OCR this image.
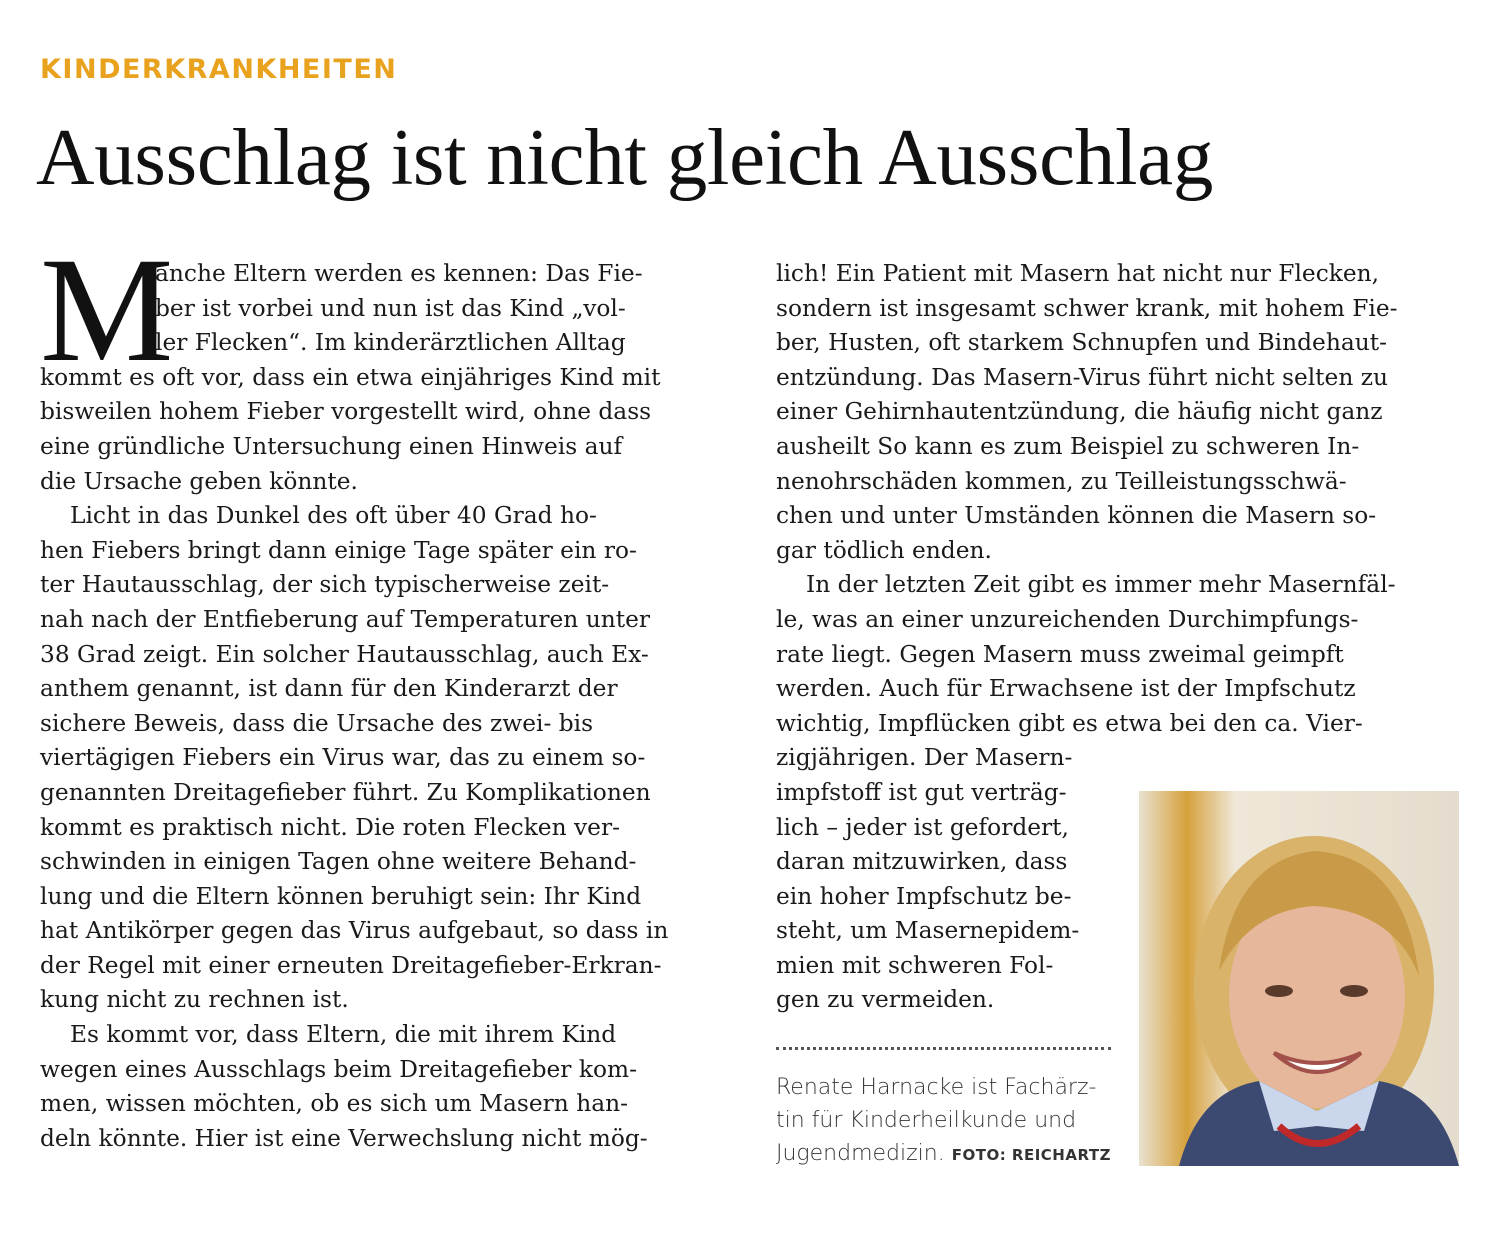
KINDERKRANKHEITEN
Ausschlag ist nicht gleich Ausschlag
M
anche Eltern werden es kennen: Das Fie-
ber ist vorbei und nun ist das Kind „vol-
ler Flecken“. Im kinderärztlichen Alltag
kommt es oft vor, dass ein etwa einjähriges Kind mit
bisweilen hohem Fieber vorgestellt wird, ohne dass
eine gründliche Untersuchung einen Hinweis auf
die Ursache geben könnte.
Licht in das Dunkel des oft über 40 Grad ho-
hen Fiebers bringt dann einige Tage später ein ro-
ter Hautausschlag, der sich typischerweise zeit-
nah nach der Entfieberung auf Temperaturen unter
38 Grad zeigt. Ein solcher Hautausschlag, auch Ex-
anthem genannt, ist dann für den Kinderarzt der
sichere Beweis, dass die Ursache des zwei- bis
viertägigen Fiebers ein Virus war, das zu einem so-
genannten Dreitagefieber führt. Zu Komplikationen
kommt es praktisch nicht. Die roten Flecken ver-
schwinden in einigen Tagen ohne weitere Behand-
lung und die Eltern können beruhigt sein: Ihr Kind
hat Antikörper gegen das Virus aufgebaut, so dass in
der Regel mit einer erneuten Dreitagefieber-Erkran-
kung nicht zu rechnen ist.
Es kommt vor, dass Eltern, die mit ihrem Kind
wegen eines Ausschlags beim Dreitagefieber kom-
men, wissen möchten, ob es sich um Masern han-
deln könnte. Hier ist eine Verwechslung nicht mög-
lich! Ein Patient mit Masern hat nicht nur Flecken,
sondern ist insgesamt schwer krank, mit hohem Fie-
ber, Husten, oft starkem Schnupfen und Bindehaut-
entzündung. Das Masern-Virus führt nicht selten zu
einer Gehirnhautentzündung, die häufig nicht ganz
ausheilt So kann es zum Beispiel zu schweren In-
nenohrschäden kommen, zu Teilleistungsschwä-
chen und unter Umständen können die Masern so-
gar tödlich enden.
In der letzten Zeit gibt es immer mehr Masernfäl-
le, was an einer unzureichenden Durchimpfungs-
rate liegt. Gegen Masern muss zweimal geimpft
werden. Auch für Erwachsene ist der Impfschutz
wichtig, Impflücken gibt es etwa bei den ca. Vier-
zigjährigen. Der Masern-
impfstoff ist gut verträg-
lich – jeder ist gefordert,
daran mitzuwirken, dass
ein hoher Impfschutz be-
steht, um Masernepidem-
mien mit schweren Fol-
gen zu vermeiden.
Renate Harnacke ist Fachärz-
tin für Kinderheilkunde und
Jugendmedizin. FOTO: REICHARTZ
